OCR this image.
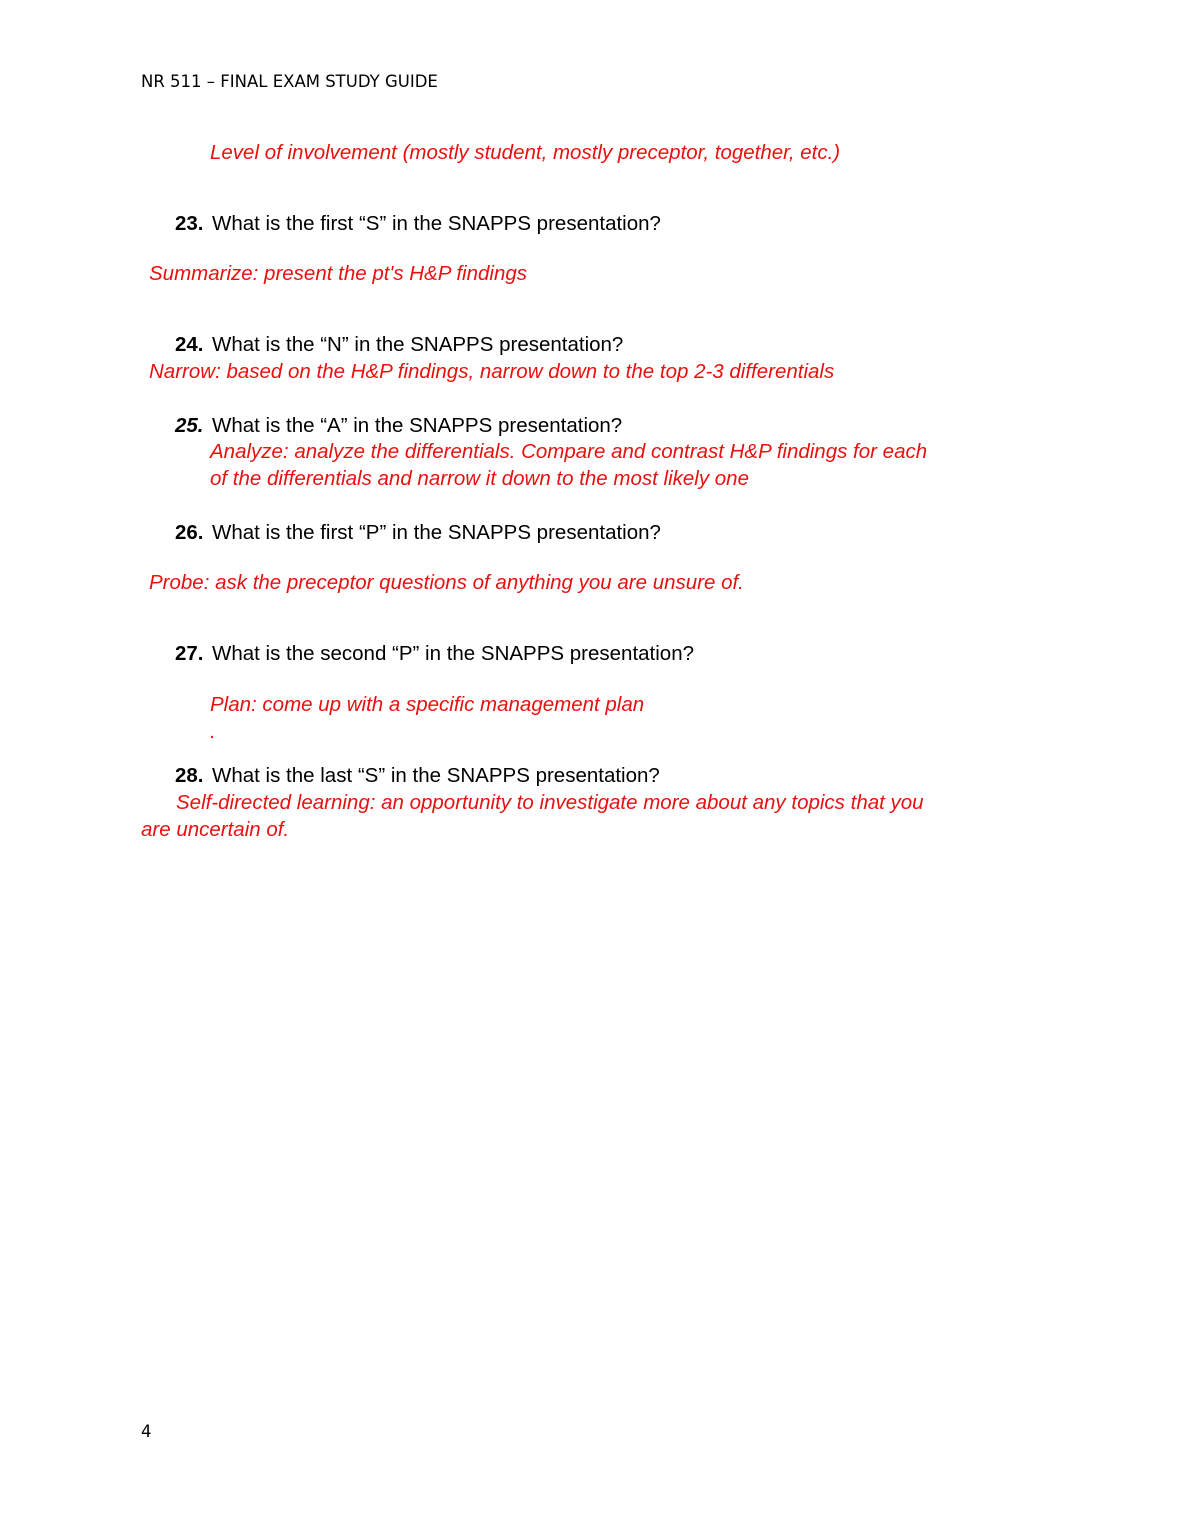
NR 511 – FINAL EXAM STUDY GUIDE
Level of involvement (mostly student, mostly preceptor, together, etc.)
23. What is the first “S” in the SNAPPS presentation?
Summarize: present the pt's H&P findings
24. What is the “N” in the SNAPPS presentation?
Narrow: based on the H&P findings, narrow down to the top 2-3 differentials
25. What is the “A” in the SNAPPS presentation?
Analyze: analyze the differentials. Compare and contrast H&P findings for each
of the differentials and narrow it down to the most likely one
26. What is the first “P” in the SNAPPS presentation?
Probe: ask the preceptor questions of anything you are unsure of.
27. What is the second “P” in the SNAPPS presentation?
Plan: come up with a specific management plan
.
28. What is the last “S” in the SNAPPS presentation?
Self-directed learning: an opportunity to investigate more about any topics that you
are uncertain of.
4
